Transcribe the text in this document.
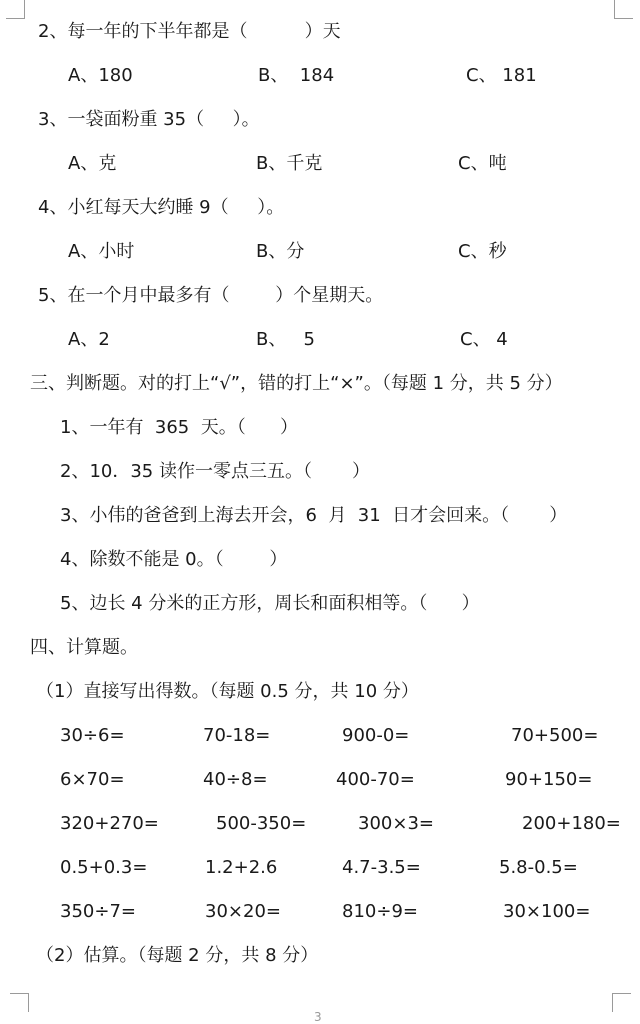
2、每一年的下半年都是（          ）天
A、180	B、  184	C、 181
3、一袋面粉重 35（     ）。
A、克	B、千克	C、吨
4、小红每天大约睡 9（     ）。
A、小时	B、分	C、秒
5、在一个月中最多有（        ）个星期天。
A、2	B、   5	C、 4
三、判断题。对的打上“√”，错的打上“×”。（每题 1 分，共 5 分）
1、一年有  365  天。（      ）
2、10．35 读作一零点三五。（       ）
3、小伟的爸爸到上海去开会，6  月  31  日才会回来。（       ）
4、除数不能是 0。（        ）
5、边长 4 分米的正方形，周长和面积相等。（      ）
四、计算题。
（1）直接写出得数。（每题 0.5 分，共 10 分）
30÷6=	70-18=	900-0=	70+500=
6×70=	40÷8=	400-70=	90+150=
320+270=	500-350=	300×3=	200+180=
0.5+0.3=	1.2+2.6	4.7-3.5=	5.8-0.5=
350÷7=	30×20=	810÷9=	30×100=
（2）估算。（每题 2 分，共 8 分）
3
